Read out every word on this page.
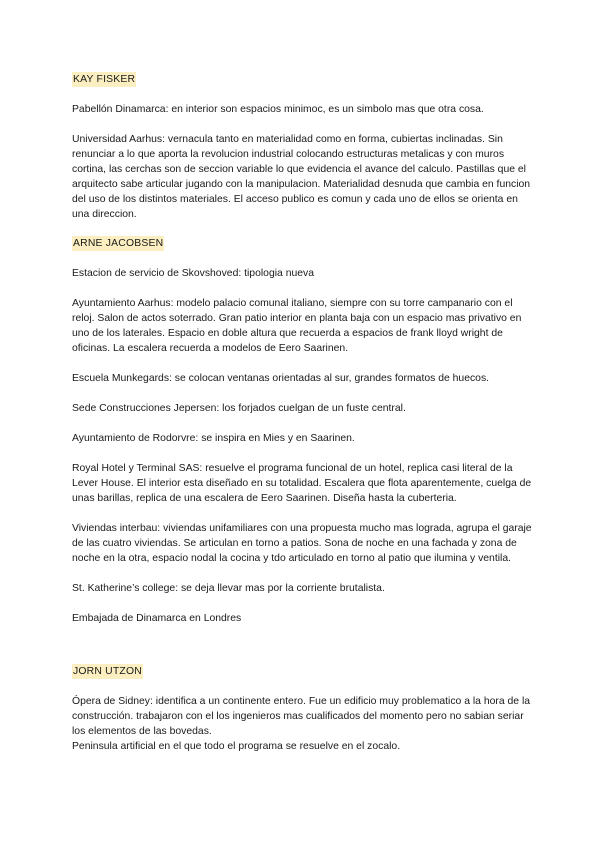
KAY FISKER

Pabellón Dinamarca: en interior son espacios minimoc, es un simbolo mas que otra cosa.

Universidad Aarhus: vernacula tanto en materialidad como en forma, cubiertas inclinadas. Sin renunciar a lo que aporta la revolucion industrial colocando estructuras metalicas y con muros cortina, las cerchas son de seccion variable lo que evidencia el avance del calculo. Pastillas que el arquitecto sabe articular jugando con la manipulacion. Materialidad desnuda que cambia en funcion del uso de los distintos materiales. El acceso publico es comun y cada uno de ellos se orienta en una direccion.

ARNE JACOBSEN

Estacion de servicio de Skovshoved: tipologia nueva

Ayuntamiento Aarhus: modelo palacio comunal italiano, siempre con su torre campanario con el reloj. Salon de actos soterrado. Gran patio interior en planta baja con un espacio mas privativo en uno de los laterales. Espacio en doble altura que recuerda a espacios de frank lloyd wright de oficinas. La escalera recuerda a modelos de Eero Saarinen.

Escuela Munkegards: se colocan ventanas orientadas al sur, grandes formatos de huecos.

Sede Construcciones Jepersen: los forjados cuelgan de un fuste central.

Ayuntamiento de Rodorvre: se inspira en Mies y en Saarinen.

Royal Hotel y Terminal SAS: resuelve el programa funcional de un hotel, replica casi literal de la Lever House. El interior esta diseñado en su totalidad. Escalera que flota aparentemente, cuelga de unas barillas, replica de una escalera de Eero Saarinen. Diseña hasta la cuberteria.

Viviendas interbau: viviendas unifamiliares con una propuesta mucho mas lograda, agrupa el garaje de las cuatro viviendas. Se articulan en torno a patios. Sona de noche en una fachada y zona de noche en la otra, espacio nodal la cocina y tdo articulado en torno al patio que ilumina y ventila.

St. Katherine’s college: se deja llevar mas por la corriente brutalista.

Embajada de Dinamarca en Londres

JORN UTZON

Ópera de Sidney: identifica a un continente entero. Fue un edificio muy problematico a la hora de la construcción. trabajaron con el los ingenieros mas cualificados del momento pero no sabian seriar los elementos de las bovedas.
Peninsula artificial en el que todo el programa se resuelve en el zocalo.
